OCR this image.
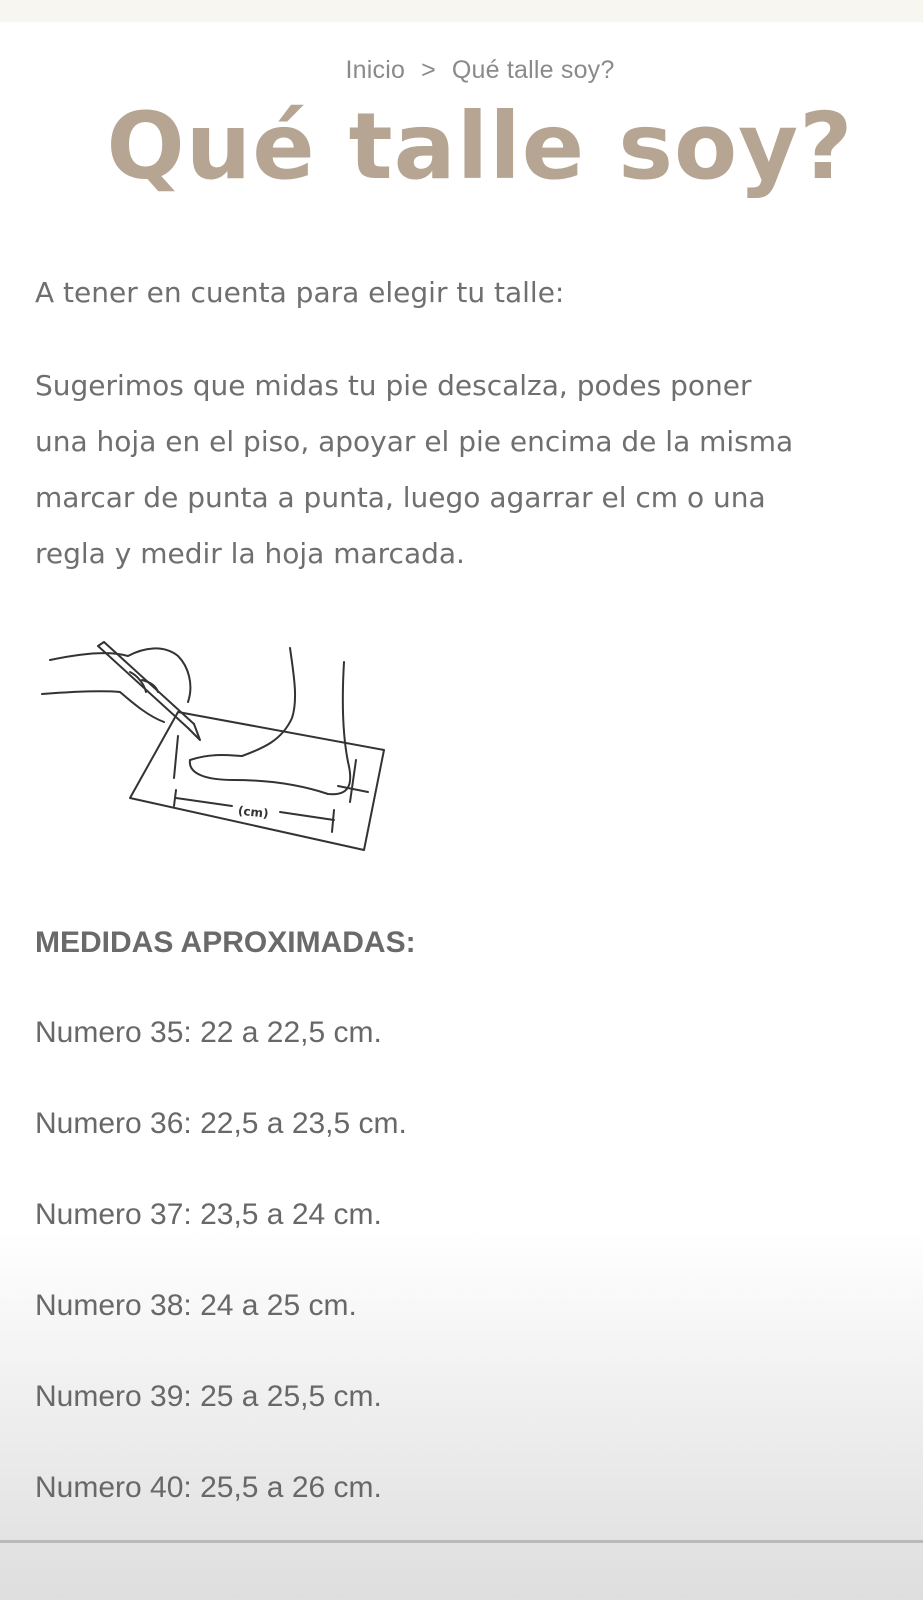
Inicio > Qué talle soy?
Qué talle soy?

A tener en cuenta para elegir tu talle:

Sugerimos que midas tu pie descalza, podes poner
una hoja en el piso, apoyar el pie encima de la misma
marcar de punta a punta, luego agarrar el cm o una
regla y medir la hoja marcada.

(cm)
MEDIDAS APROXIMADAS:
Numero 35: 22 a 22,5 cm.
Numero 36: 22,5 a 23,5 cm.
Numero 37: 23,5 a 24 cm.
Numero 38: 24 a 25 cm.
Numero 39: 25 a 25,5 cm.
Numero 40: 25,5 a 26 cm.
